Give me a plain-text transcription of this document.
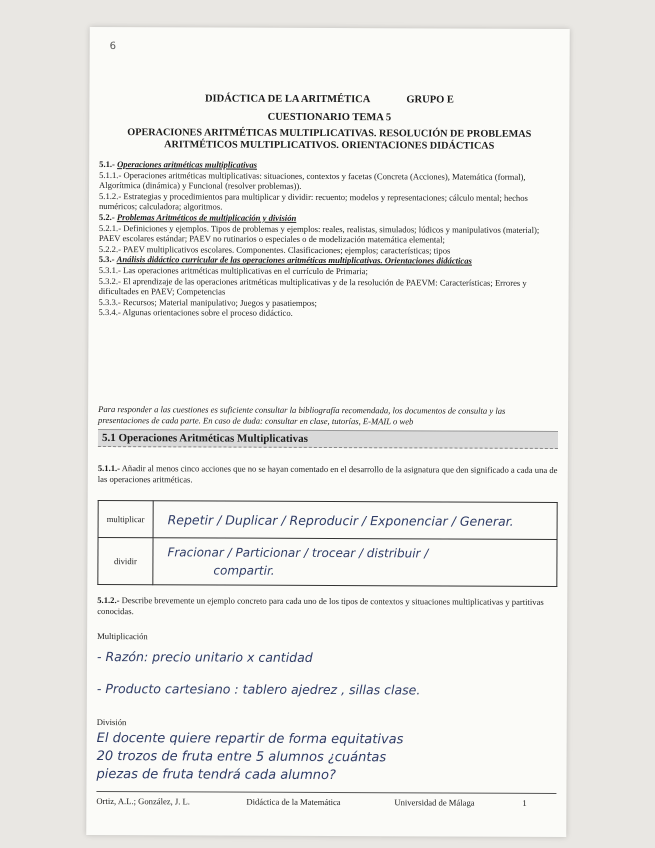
6
DIDÁCTICA DE LA ARITMÉTICA	GRUPO E
CUESTIONARIO TEMA 5
OPERACIONES ARITMÉTICAS MULTIPLICATIVAS. RESOLUCIÓN DE PROBLEMAS
ARITMÉTICOS MULTIPLICATIVOS. ORIENTACIONES DIDÁCTICAS
5.1.- Operaciones aritméticas multiplicativas
5.1.1.- Operaciones aritméticas multiplicativas: situaciones, contextos y facetas (Concreta (Acciones), Matemática (formal), Algorítmica (dinámica) y Funcional (resolver problemas)).
5.1.2.- Estrategias y procedimientos para multiplicar y dividir: recuento; modelos y representaciones; cálculo mental; hechos numéricos; calculadora; algoritmos.
5.2.- Problemas Aritméticos de multiplicación y división
5.2.1.- Definiciones y ejemplos. Tipos de problemas y ejemplos: reales, realistas, simulados; lúdicos y manipulativos (material); PAEV escolares estándar; PAEV no rutinarios o especiales o de modelización matemática elemental;
5.2.2.- PAEV multiplicativos escolares. Componentes. Clasificaciones; ejemplos; características; tipos
5.3.- Análisis didáctico curricular de las operaciones aritméticas multiplicativas. Orientaciones didácticas
5.3.1.- Las operaciones aritméticas multiplicativas en el currículo de Primaria;
5.3.2.- El aprendizaje de las operaciones aritméticas multiplicativas y de la resolución de PAEVM: Características; Errores y dificultades en PAEV; Competencias
5.3.3.- Recursos; Material manipulativo; Juegos y pasatiempos;
5.3.4.- Algunas orientaciones sobre el proceso didáctico.
Para responder a las cuestiones es suficiente consultar la bibliografía recomendada, los documentos de consulta y las presentaciones de cada parte. En caso de duda: consultar en clase, tutorías, E-MAIL o web
5.1 Operaciones Aritméticas Multiplicativas
5.1.1.- Añadir al menos cinco acciones que no se hayan comentado en el desarrollo de la asignatura que den significado a cada una de las operaciones aritméticas.
multiplicar	Repetir / Duplicar / Reproducir / Exponenciar / Generar.
dividir	Fracionar / Particionar / trocear / distribuir /
compartir.
5.1.2.- Describe brevemente un ejemplo concreto para cada uno de los tipos de contextos y situaciones multiplicativas y partitivas conocidas.
Multiplicación
- Razón: precio unitario x cantidad
- Producto cartesiano : tablero ajedrez , sillas clase.
División
El docente quiere repartir de forma equitativas
20 trozos de fruta entre 5 alumnos ¿cuántas
piezas de fruta tendrá cada alumno?
Ortiz, A.L.; González, J. L.	Didáctica de la Matemática	Universidad de Málaga	1
